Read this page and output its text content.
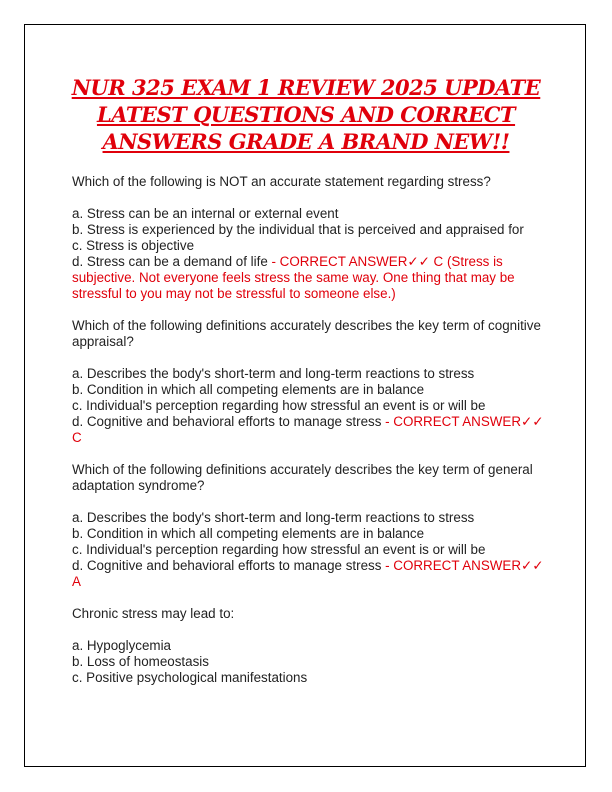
NUR 325 EXAM 1 REVIEW 2025 UPDATE LATEST QUESTIONS AND CORRECT ANSWERS GRADE A BRAND NEW!!
Which of the following is NOT an accurate statement regarding stress?
a. Stress can be an internal or external event
b. Stress is experienced by the individual that is perceived and appraised for
c. Stress is objective
d. Stress can be a demand of life - CORRECT ANSWER✓✓ C (Stress is subjective. Not everyone feels stress the same way. One thing that may be stressful to you may not be stressful to someone else.)
Which of the following definitions accurately describes the key term of cognitive appraisal?
a. Describes the body's short-term and long-term reactions to stress
b. Condition in which all competing elements are in balance
c. Individual's perception regarding how stressful an event is or will be
d. Cognitive and behavioral efforts to manage stress - CORRECT ANSWER✓✓ C
Which of the following definitions accurately describes the key term of general adaptation syndrome?
a. Describes the body's short-term and long-term reactions to stress
b. Condition in which all competing elements are in balance
c. Individual's perception regarding how stressful an event is or will be
d. Cognitive and behavioral efforts to manage stress - CORRECT ANSWER✓✓ A
Chronic stress may lead to:
a. Hypoglycemia
b. Loss of homeostasis
c. Positive psychological manifestations
